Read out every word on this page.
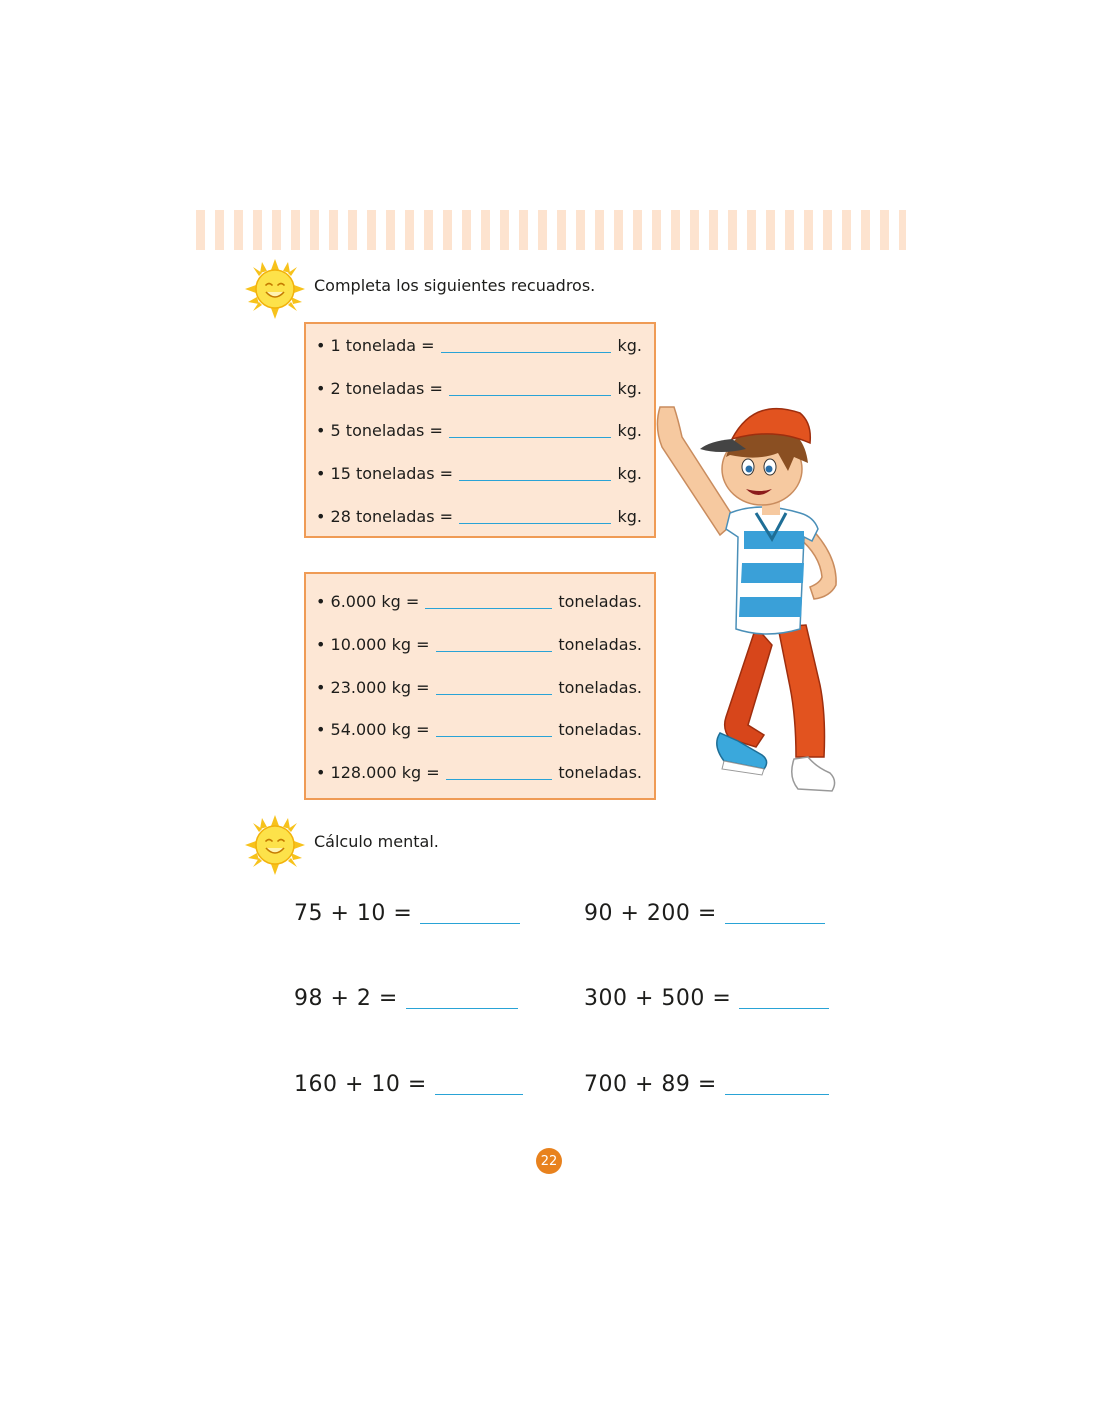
Completa los siguientes recuadros.
• 1 tonelada =	kg.
• 2 toneladas =	kg.
• 5 toneladas =	kg.
• 15 toneladas =	kg.
• 28 toneladas =	kg.
• 6.000 kg =	toneladas.
• 10.000 kg =	toneladas.
• 23.000 kg =	toneladas.
• 54.000 kg =	toneladas.
• 128.000 kg =	toneladas.
Cálculo mental.
75 + 10 =	90 + 200 =
98 + 2 =	300 + 500 =
160 + 10 =	700 + 89 =
22
